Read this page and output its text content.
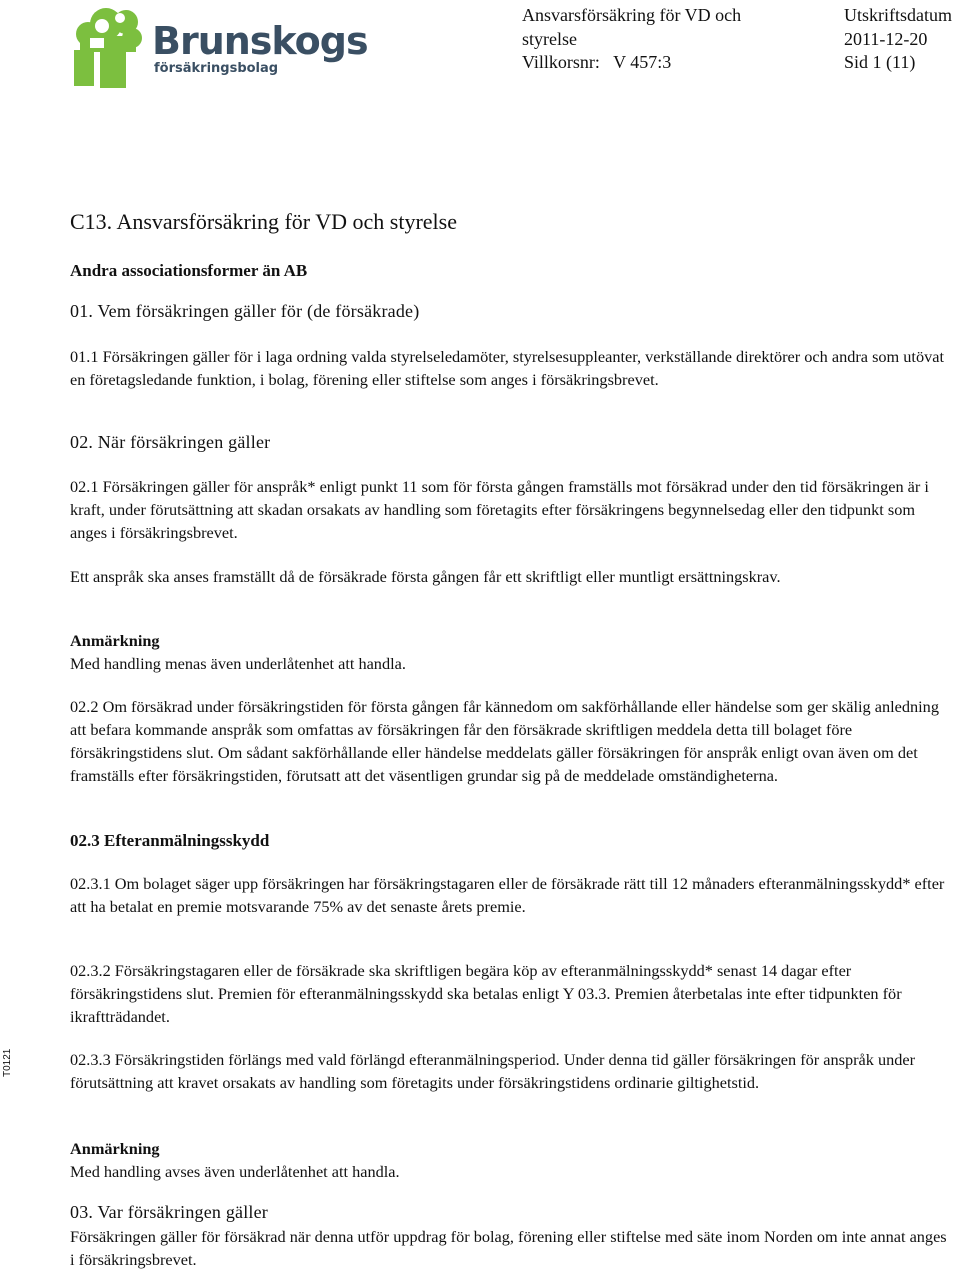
Brunskogs
försäkringsbolag
Ansvarsförsäkring för VD och
styrelse
Villkorsnr: V 457:3
Utskriftsdatum
2011-12-20
Sid 1 (11)
T0121
C13. Ansvarsförsäkring för VD och styrelse
Andra associationsformer än AB
01. Vem försäkringen gäller för (de försäkrade)
01.1 Försäkringen gäller för i laga ordning valda styrelseledamöter, styrelsesuppleanter, verkställande direktörer och andra som utövat en företagsledande funktion, i bolag, förening eller stiftelse som anges i försäkringsbrevet.
02. När försäkringen gäller
02.1 Försäkringen gäller för anspråk* enligt punkt 11 som för första gången framställs mot försäkrad under den tid försäkringen är i kraft, under förutsättning att skadan orsakats av handling som företagits efter försäkringens begynnelsedag eller den tidpunkt som anges i försäkringsbrevet.
Ett anspråk ska anses framställt då de försäkrade första gången får ett skriftligt eller muntligt ersättningskrav.
Anmärkning
Med handling menas även underlåtenhet att handla.
02.2 Om försäkrad under försäkringstiden för första gången får kännedom om sakförhållande eller händelse som ger skälig anledning att befara kommande anspråk som omfattas av försäkringen får den försäkrade skriftligen meddela detta till bolaget före försäkringstidens slut. Om sådant sakförhållande eller händelse meddelats gäller försäkringen för anspråk enligt ovan även om det framställs efter försäkringstiden, förutsatt att det väsentligen grundar sig på de meddelade omständigheterna.
02.3 Efteranmälningsskydd
02.3.1 Om bolaget säger upp försäkringen har försäkringstagaren eller de försäkrade rätt till 12 månaders efteranmälningsskydd* efter att ha betalat en premie motsvarande 75% av det senaste årets premie.
02.3.2 Försäkringstagaren eller de försäkrade ska skriftligen begära köp av efteranmälningsskydd* senast 14 dagar efter försäkringstidens slut. Premien för efteranmälningsskydd ska betalas enligt Y 03.3. Premien återbetalas inte efter tidpunkten för ikraftträdandet.
02.3.3 Försäkringstiden förlängs med vald förlängd efteranmälningsperiod. Under denna tid gäller försäkringen för anspråk under förutsättning att kravet orsakats av handling som företagits under försäkringstidens ordinarie giltighetstid.
Anmärkning
Med handling avses även underlåtenhet att handla.
03. Var försäkringen gäller
Försäkringen gäller för försäkrad när denna utför uppdrag för bolag, förening eller stiftelse med säte inom Norden om inte annat anges i försäkringsbrevet.
